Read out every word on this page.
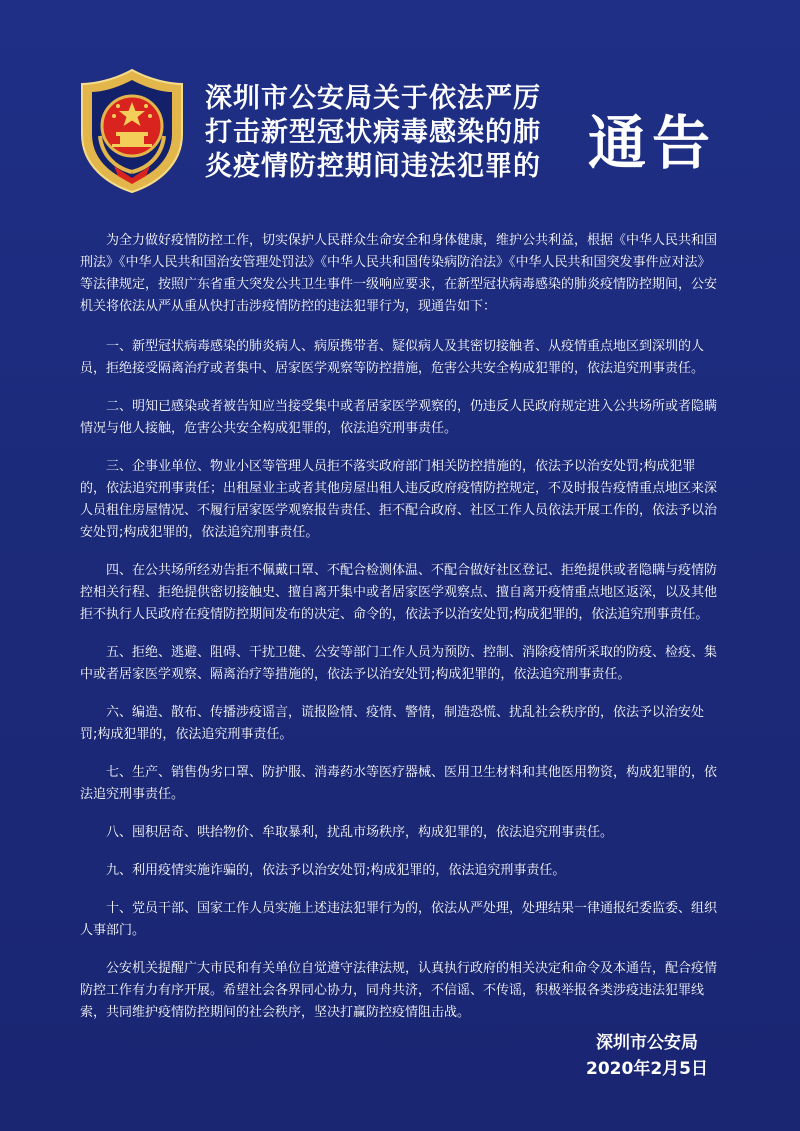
深圳市公安局关于依法严厉
打击新型冠状病毒感染的肺
炎疫情防控期间违法犯罪的 通告

为全力做好疫情防控工作，切实保护人民群众生命安全和身体健康，维护公共利益，根据《中华人民共和国刑法》《中华人民共和国治安管理处罚法》《中华人民共和国传染病防治法》《中华人民共和国突发事件应对法》等法律规定，按照广东省重大突发公共卫生事件一级响应要求，在新型冠状病毒感染的肺炎疫情防控期间，公安机关将依法从严从重从快打击涉疫情防控的违法犯罪行为，现通告如下：

一、新型冠状病毒感染的肺炎病人、病原携带者、疑似病人及其密切接触者、从疫情重点地区到深圳的人员，拒绝接受隔离治疗或者集中、居家医学观察等防控措施，危害公共安全构成犯罪的，依法追究刑事责任。

二、明知已感染或者被告知应当接受集中或者居家医学观察的，仍违反人民政府规定进入公共场所或者隐瞒情况与他人接触，危害公共安全构成犯罪的，依法追究刑事责任。

三、企事业单位、物业小区等管理人员拒不落实政府部门相关防控措施的，依法予以治安处罚;构成犯罪的，依法追究刑事责任；出租屋业主或者其他房屋出租人违反政府疫情防控规定，不及时报告疫情重点地区来深人员租住房屋情况、不履行居家医学观察报告责任、拒不配合政府、社区工作人员依法开展工作的，依法予以治安处罚;构成犯罪的，依法追究刑事责任。

四、在公共场所经劝告拒不佩戴口罩、不配合检测体温、不配合做好社区登记、拒绝提供或者隐瞒与疫情防控相关行程、拒绝提供密切接触史、擅自离开集中或者居家医学观察点、擅自离开疫情重点地区返深，以及其他拒不执行人民政府在疫情防控期间发布的决定、命令的，依法予以治安处罚;构成犯罪的，依法追究刑事责任。

五、拒绝、逃避、阻碍、干扰卫健、公安等部门工作人员为预防、控制、消除疫情所采取的防疫、检疫、集中或者居家医学观察、隔离治疗等措施的，依法予以治安处罚;构成犯罪的，依法追究刑事责任。

六、编造、散布、传播涉疫谣言，谎报险情、疫情、警情，制造恐慌、扰乱社会秩序的，依法予以治安处罚;构成犯罪的，依法追究刑事责任。

七、生产、销售伪劣口罩、防护服、消毒药水等医疗器械、医用卫生材料和其他医用物资，构成犯罪的，依法追究刑事责任。

八、囤积居奇、哄抬物价、牟取暴利，扰乱市场秩序，构成犯罪的，依法追究刑事责任。

九、利用疫情实施诈骗的，依法予以治安处罚;构成犯罪的，依法追究刑事责任。

十、党员干部、国家工作人员实施上述违法犯罪行为的，依法从严处理，处理结果一律通报纪委监委、组织人事部门。

公安机关提醒广大市民和有关单位自觉遵守法律法规，认真执行政府的相关决定和命令及本通告，配合疫情防控工作有力有序开展。希望社会各界同心协力，同舟共济，不信谣、不传谣，积极举报各类涉疫违法犯罪线索，共同维护疫情防控期间的社会秩序，坚决打赢防控疫情阻击战。

深圳市公安局
2020年2月5日
